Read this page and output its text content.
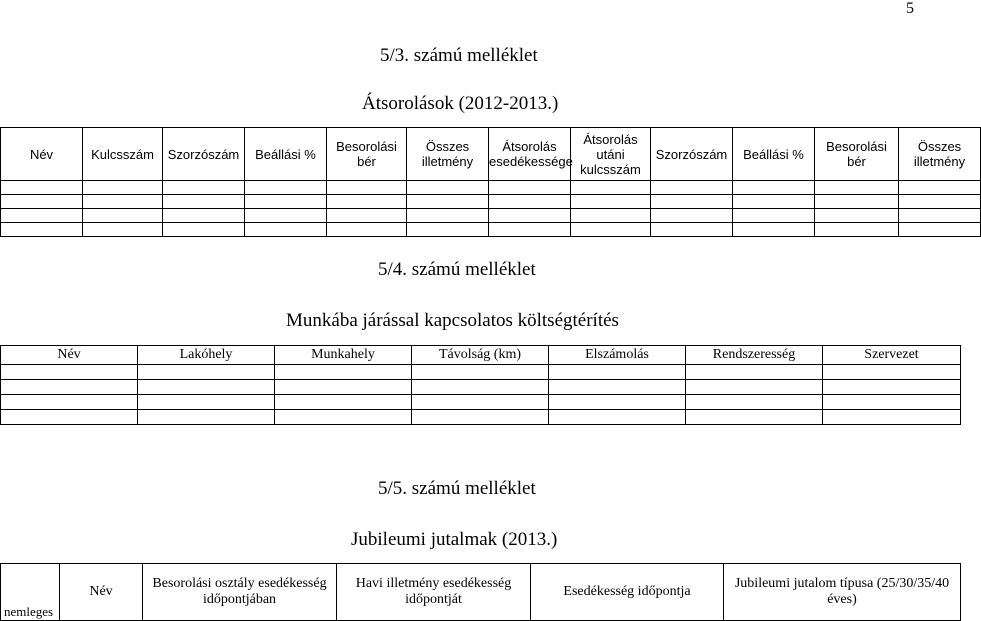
5
5/3. számú melléklet
Átsorolások (2012-2013.)
Név	Kulcsszám	Szorzószám	Beállási %	Besorolási bér	Összes illetmény	Átsorolás esedékessége	Átsorolás utáni kulcsszám	Szorzószám	Beállási %	Besorolási bér	Összes illetmény

5/4. számú melléklet
Munkába járással kapcsolatos költségtérítés
Név	Lakóhely	Munkahely	Távolság (km)	Elszámolás	Rendszeresség	Szervezet

5/5. számú melléklet
Jubileumi jutalmak (2013.)
nemleges	Név	Besorolási osztály esedékesség időpontjában	Havi illetmény esedékesség időpontját	Esedékesség időpontja	Jubileumi jutalom típusa (25/30/35/40 éves)
